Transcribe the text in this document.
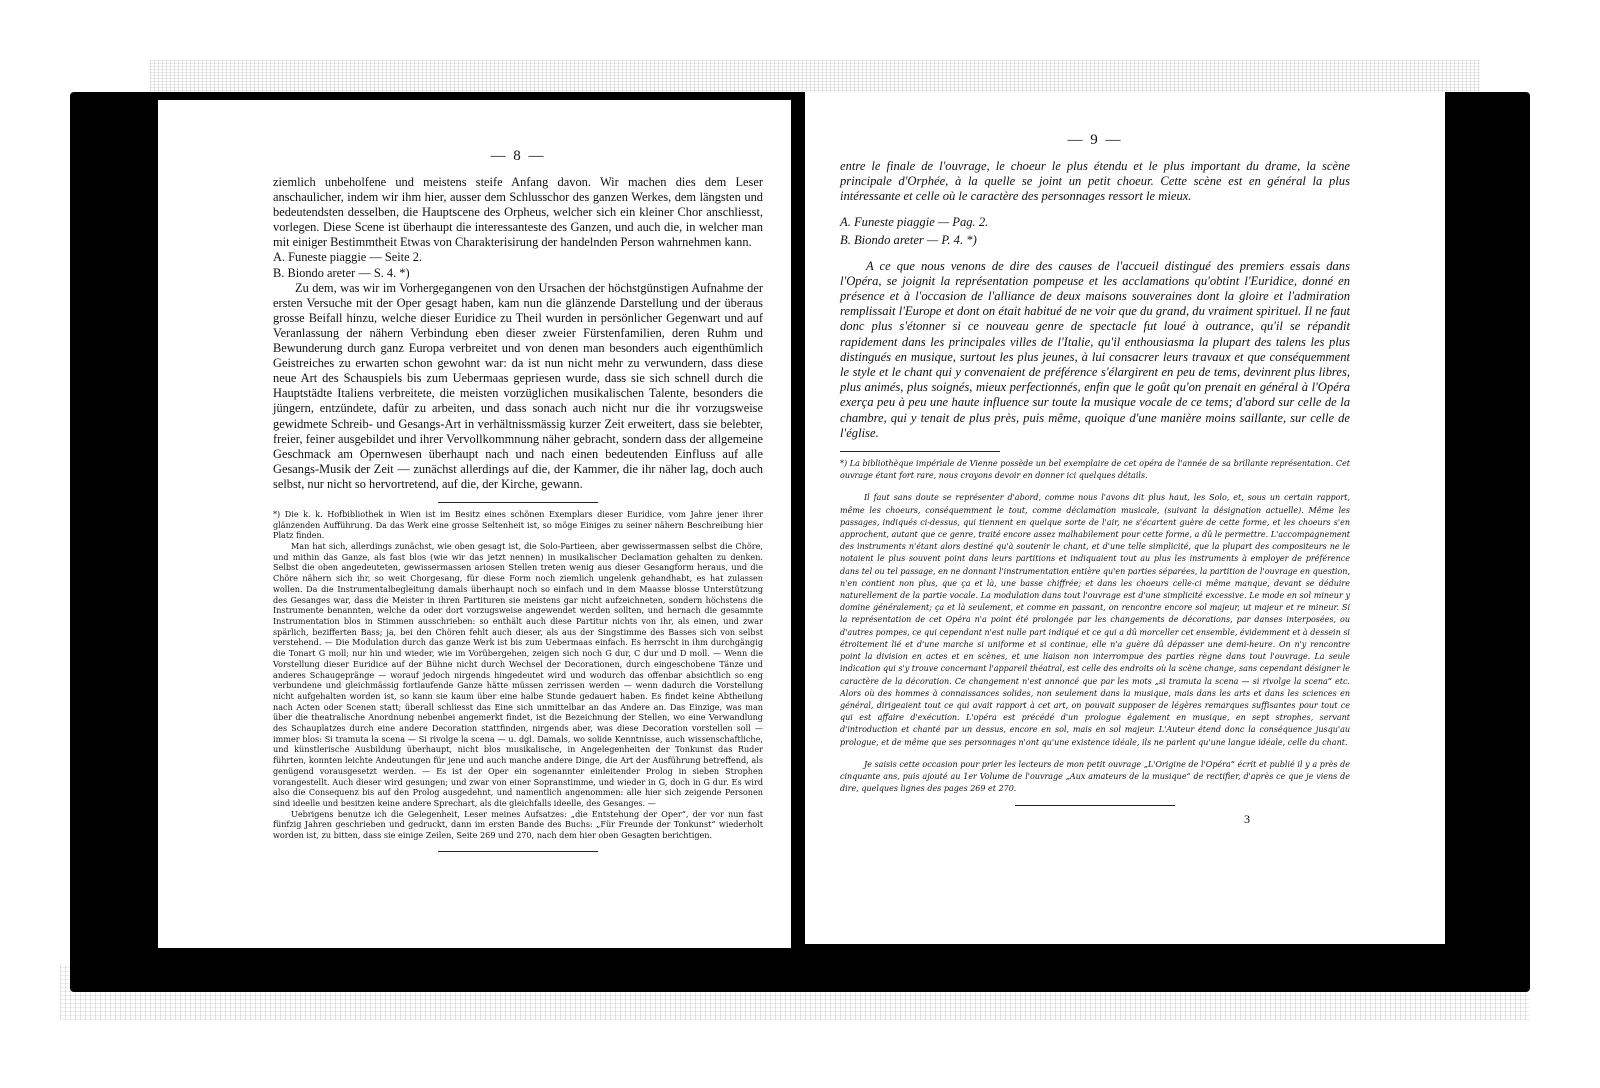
— 8 —

ziemlich unbeholfene und meistens steife Anfang davon. Wir machen dies dem Leser anschaulicher, indem wir ihm hier, ausser dem Schlusschor des ganzen Werkes, dem längsten und bedeutendsten desselben, die Hauptscene des Orpheus, welcher sich ein kleiner Chor anschliesst, vorlegen. Diese Scene ist überhaupt die interessanteste des Ganzen, und auch die, in welcher man mit einiger Bestimmtheit Etwas von Charakterisirung der handelnden Person wahrnehmen kann.

A. Funeste piaggie — Seite 2.

B. Biondo areter — S. 4. *)

Zu dem, was wir im Vorhergegangenen von den Ursachen der höchstgünstigen Aufnahme der ersten Versuche mit der Oper gesagt haben, kam nun die glänzende Darstellung und der überaus grosse Beifall hinzu, welche dieser Euridice zu Theil wurden in persönlicher Gegenwart und auf Veranlassung der nähern Verbindung eben dieser zweier Fürstenfamilien, deren Ruhm und Bewunderung durch ganz Europa verbreitet und von denen man besonders auch eigenthümlich Geistreiches zu erwarten schon gewohnt war: da ist nun nicht mehr zu verwundern, dass diese neue Art des Schauspiels bis zum Uebermaas gepriesen wurde, dass sie sich schnell durch die Hauptstädte Italiens verbreitete, die meisten vorzüglichen musikalischen Talente, besonders die jüngern, entzündete, dafür zu arbeiten, und dass sonach auch nicht nur die ihr vorzugsweise gewidmete Schreib- und Gesangs-Art in verhältnissmässig kurzer Zeit erweitert, dass sie belebter, freier, feiner ausgebildet und ihrer Vervollkommnung näher gebracht, sondern dass der allgemeine Geschmack am Opernwesen überhaupt nach und nach einen bedeutenden Einfluss auf alle Gesangs-Musik der Zeit — zunächst allerdings auf die, der Kammer, die ihr näher lag, doch auch selbst, nur nicht so hervortretend, auf die, der Kirche, gewann.

*) Die k. k. Hofbibliothek in Wien ist im Besitz eines schönen Exemplars dieser Euridice, vom Jahre jener ihrer glänzenden Aufführung. Da das Werk eine grosse Seltenheit ist, so möge Einiges zu seiner nähern Beschreibung hier Platz finden.

Man hat sich, allerdings zunächst, wie oben gesagt ist, die Solo-Partieen, aber gewissermassen selbst die Chöre, und mithin das Ganze, als fast blos (wie wir das jetzt nennen) in musikalischer Declamation gehalten zu denken. Selbst die oben angedeuteten, gewissermassen ariosen Stellen treten wenig aus dieser Gesangform heraus, und die Chöre nähern sich ihr, so weit Chorgesang, für diese Form noch ziemlich ungelenk gehandhabt, es hat zulassen wollen. Da die Instrumentalbegleitung damals überhaupt noch so einfach und in dem Maasse blosse Unterstützung des Gesanges war, dass die Meister in ihren Partituren sie meistens gar nicht aufzeichneten, sondern höchstens die Instrumente benannten, welche da oder dort vorzugsweise angewendet werden sollten, und hernach die gesammte Instrumentation blos in Stimmen ausschrieben: so enthält auch diese Partitur nichts von ihr, als einen, und zwar spärlich, bezifferten Bass; ja, bei den Chören fehlt auch dieser, als aus der Singstimme des Basses sich von selbst verstehend. — Die Modulation durch das ganze Werk ist bis zum Uebermaas einfach. Es herrscht in ihm durchgängig die Tonart G moll; nur hin und wieder, wie im Vorübergehen, zeigen sich noch G dur, C dur und D moll. — Wenn die Vorstellung dieser Euridice auf der Bühne nicht durch Wechsel der Decorationen, durch eingeschobene Tänze und anderes Schaugepränge — worauf jedoch nirgends hingedeutet wird und wodurch das offenbar absichtlich so eng verbundene und gleichmässig fortlaufende Ganze hätte müssen zerrissen werden — wenn dadurch die Vorstellung nicht aufgehalten worden ist, so kann sie kaum über eine halbe Stunde gedauert haben. Es findet keine Abtheilung nach Acten oder Scenen statt; überall schliesst das Eine sich unmittelbar an das Andere an. Das Einzige, was man über die theatralische Anordnung nebenbei angemerkt findet, ist die Bezeichnung der Stellen, wo eine Verwandlung des Schauplatzes durch eine andere Decoration stattfinden, nirgends aber, was diese Decoration vorstellen soll — immer blos: Si tramuta la scena — Si rivolge la scena — u. dgl. Damals, wo solide Kenntnisse, auch wissenschaftliche, und künstlerische Ausbildung überhaupt, nicht blos musikalische, in Angelegenheiten der Tonkunst das Ruder führten, konnten leichte Andeutungen für jene und auch manche andere Dinge, die Art der Ausführung betreffend, als genügend vorausgesetzt werden. — Es ist der Oper ein sogenannter einleitender Prolog in sieben Strophen vorangestellt. Auch dieser wird gesungen; und zwar von einer Sopranstimme, und wieder in G, doch in G dur. Es wird also die Consequenz bis auf den Prolog ausgedehnt, und namentlich angenommen: alle hier sich zeigende Personen sind ideelle und besitzen keine andere Sprechart, als die gleichfalls ideelle, des Gesanges. —

Uebrigens benutze ich die Gelegenheit, Leser meines Aufsatzes: „die Entstehung der Oper“, der vor nun fast fünfzig Jahren geschrieben und gedruckt, dann im ersten Bande des Buchs: „Für Freunde der Tonkunst“ wiederholt worden ist, zu bitten, dass sie einige Zeilen, Seite 269 und 270, nach dem hier oben Gesagten berichtigen.

— 9 —

entre le finale de l'ouvrage, le choeur le plus étendu et le plus important du drame, la scène principale d'Orphée, à la quelle se joint un petit choeur. Cette scène est en général la plus intéressante et celle où le caractère des personnages ressort le mieux.

A. Funeste piaggie — Pag. 2.

B. Biondo areter — P. 4. *)

A ce que nous venons de dire des causes de l'accueil distingué des premiers essais dans l'Opéra, se joignit la représentation pompeuse et les acclamations qu'obtint l'Euridice, donné en présence et à l'occasion de l'alliance de deux maisons souveraines dont la gloire et l'admiration remplissait l'Europe et dont on était habitué de ne voir que du grand, du vraiment spirituel. Il ne faut donc plus s'étonner si ce nouveau genre de spectacle fut loué à outrance, qu'il se répandit rapidement dans les principales villes de l'Italie, qu'il enthousiasma la plupart des talens les plus distingués en musique, surtout les plus jeunes, à lui consacrer leurs travaux et que conséquemment le style et le chant qui y convenaient de préférence s'élargirent en peu de tems, devinrent plus libres, plus animés, plus soignés, mieux perfectionnés, enfin que le goût qu'on prenait en général à l'Opéra exerça peu à peu une haute influence sur toute la musique vocale de ce tems; d'abord sur celle de la chambre, qui y tenait de plus près, puis même, quoique d'une manière moins saillante, sur celle de l'église.

*) La bibliothèque impériale de Vienne possède un bel exemplaire de cet opéra de l'année de sa brillante représentation. Cet ouvrage étant fort rare, nous croyons devoir en donner ici quelques détails.

Il faut sans doute se représenter d'abord, comme nous l'avons dit plus haut, les Solo, et, sous un certain rapport, même les choeurs, conséquemment le tout, comme déclamation musicale, (suivant la désignation actuelle). Même les passages, indiqués ci-dessus, qui tiennent en quelque sorte de l'air, ne s'écartent guère de cette forme, et les choeurs s'en approchent, autant que ce genre, traité encore assez malhabilement pour cette forme, a dû le permettre. L'accompagnement des instruments n'étant alors destiné qu'à soutenir le chant, et d'une telle simplicité, que la plupart des compositeurs ne le notaient le plus souvent point dans leurs partitions et indiquaient tout au plus les instruments à employer de préférence dans tel ou tel passage, en ne donnant l'instrumentation entière qu'en parties séparées, la partition de l'ouvrage en question, n'en contient non plus, que ça et là, une basse chiffrée; et dans les choeurs celle-ci même manque, devant se déduire naturellement de la partie vocale. La modulation dans tout l'ouvrage est d'une simplicité excessive. Le mode en sol mineur y domine généralement; ça et là seulement, et comme en passant, on rencontre encore sol majeur, ut majeur et re mineur. Si la représentation de cet Opéra n'a point été prolongée par les changements de décorations, par danses interposées, ou d'autres pompes, ce qui cependant n'est nulle part indiqué et ce qui a dû morceller cet ensemble, évidemment et à dessein si étroitement lié et d'une marche si uniforme et si continue, elle n'a guère dû dépasser une demi-heure. On n'y rencontre point la division en actes et en scènes, et une liaison non interrompue des parties règne dans tout l'ouvrage. La seule indication qui s'y trouve concernant l'appareil théatral, est celle des endroits où la scène change, sans cependant désigner le caractère de la décoration. Ce changement n'est annoncé que par les mots „si tramuta la scena — si rivolge la scena“ etc. Alors où des hommes à connaissances solides, non seulement dans la musique, mais dans les arts et dans les sciences en général, dirigeaient tout ce qui avait rapport à cet art, on pouvait supposer de légères remarques suffisantes pour tout ce qui est affaire d'exécution. L'opéra est précédé d'un prologue également en musique, en sept strophes, servant d'introduction et chanté par un dessus, encore en sol, mais en sol majeur. L'Auteur étend donc la conséquence jusqu'au prologue, et de même que ses personnages n'ont qu'une existence idéale, ils ne parlent qu'une langue idéale, celle du chant.

Je saisis cette occasion pour prier les lecteurs de mon petit ouvrage „L'Origine de l'Opéra“ écrit et publié il y a près de cinquante ans, puis ajouté au 1er Volume de l'ouvrage „Aux amateurs de la musique“ de rectifier, d'après ce que je viens de dire, quelques lignes des pages 269 et 270.

3
